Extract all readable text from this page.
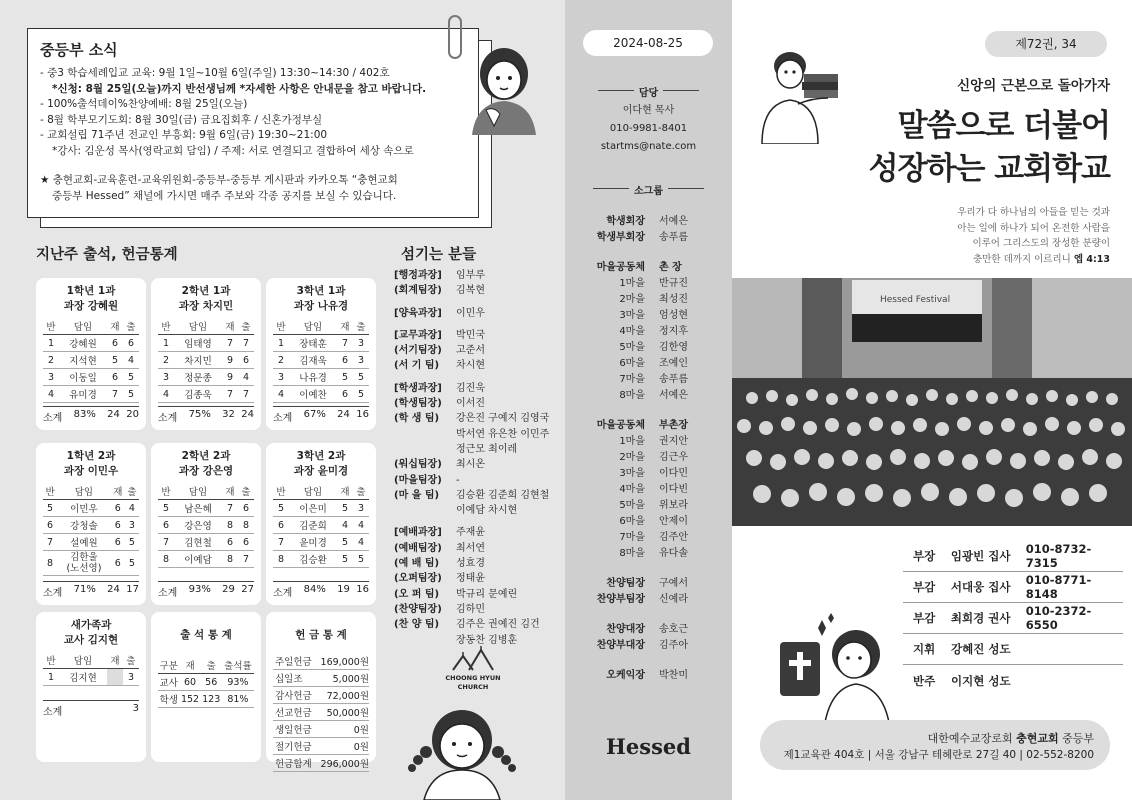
중등부 소식
- 중3 학습세례입교 교육: 9월 1일~10월 6일(주일) 13:30~14:30 / 402호
*신청: 8월 25일(오늘)까지 반선생님께 *자세한 사항은 안내문을 참고 바랍니다.
- 100%출석데이%찬양예배: 8월 25일(오늘)
- 8월 학부모기도회: 8월 30일(금) 금요집회후 / 신혼가정부실
- 교회설립 71주년 전교인 부흥회: 9월 6일(금) 19:30~21:00
*강사: 김운성 목사(영락교회 담임) / 주제: 서로 연결되고 결합하여 세상 속으로
★ 충현교회-교육훈련-교육위원회-중등부-중등부 게시판과 카카오톡 “충현교회
중등부 Hessed” 채널에 가시면 매주 주보와 각종 공지를 보실 수 있습니다.
지난주 출석, 헌금통계
1학년 1과
과장 강혜원
반	담임	재	출
1	강혜원	6	6
2	지석현	5	4
3	이동일	6	5
4	유미경	7	5
소계 83% 24 20
2학년 1과
과장 차지민
반	담임	재	출
1	임태영	7	7
2	차지민	9	6
3	정문종	9	4
4	김종욱	7	7
소계 75% 32 24
3학년 1과
과장 나유경
반	담임	재	출
1	장태훈	7	3
2	김재욱	6	3
3	나유경	5	5
4	이예찬	6	5
소계 67% 24 16
1학년 2과
과장 이민우
반	담임	재	출
5	이민우	6	4
6	강청솔	6	3
7	설예원	6	5
8	김한울
(노선영)	6	5
소계 71% 24 17
2학년 2과
과장 강은영
반	담임	재	출
5	남은혜	7	6
6	강은영	8	8
7	김현철	6	6
8	이예담	8	7
소계 93% 29 27
3학년 2과
과장 윤미경
반	담임	재	출
5	이은미	5	3
6	김준희	4	4
7	윤미경	5	4
8	김승환	5	5
소계 84% 19 16
새가족과
교사 김지현
반	담임	재	출
1	김지현		3
소계	3
출 석 통 계
구분	재	출	출석률
교사	60	56	93%
학생	152	123	81%
헌 금 통 계
주일헌금	169,000원
십일조	5,000원
감사헌금	72,000원
선교헌금	50,000원
생일헌금	0원
절기헌금	0원
헌금합계	296,000원
섬기는 분들
[행정과장]	임부루
(회계팀장)	김복현
[양육과장]	이민우
[교무과장]	박민국
(서기팀장)	고준서
(서 기 팀)	차시현
[학생과장]	김진욱
(학생팀장)	이서진
(학 생 팀)	강은진 구예지 김영국
박서연 유은찬 이민주
정근모 최이레
(워십팀장)	최시온
(마을팀장)	-
(마 을 팀)	김승환 김준희 김현철
이예담 차시현
[예배과장]	주재윤
(예배팀장)	최서연
(예 배 팀)	성효경
(오퍼팀장)	정태윤
(오 퍼 팀)	박규리 문예린
(찬양팀장)	김하민
(찬 양 팀)	김주은 권예진 김건
장동찬 김병훈
CHOONG HYUN
CHURCH
2024-08-25
담당
이다현 목사
010-9981-8401
startms@nate.com
소그룹
학생회장	서예은
학생부회장	송푸름
마을공동체	촌 장
1마을	반규진
2마을	최성진
3마을	엄성현
4마을	정지후
5마을	김한영
6마을	조예인
7마을	송푸름
8마을	서예은
마을공동체	부촌장
1마을	권지안
2마을	김근우
3마을	이다민
4마을	이다빈
5마을	위보라
6마을	안제이
7마을	김주안
8마을	유다솔
찬양팀장	구예서
찬양부팀장	신예라
찬양대장	송호근
찬양부대장	김주아
오케익장	박찬미
Hessed
제72권, 34
신앙의 근본으로 돌아가자
말씀으로 더불어
성장하는 교회학교
우리가 다 하나님의 아들을 믿는 것과
아는 일에 하나가 되어 온전한 사람을
이루어 그리스도의 장성한 분량이
충만한 데까지 이르리니 엡 4:13
Hessed Festival
부장	임광빈 집사	010-8732-7315
부감	서대웅 집사	010-8771-8148
부감	최희경 권사	010-2372-6550
지휘	강혜진 성도
반주	이지현 성도
대한예수교장로회 충현교회 중등부
제1교육관 404호 | 서울 강남구 테헤란로 27길 40 | 02-552-8200
